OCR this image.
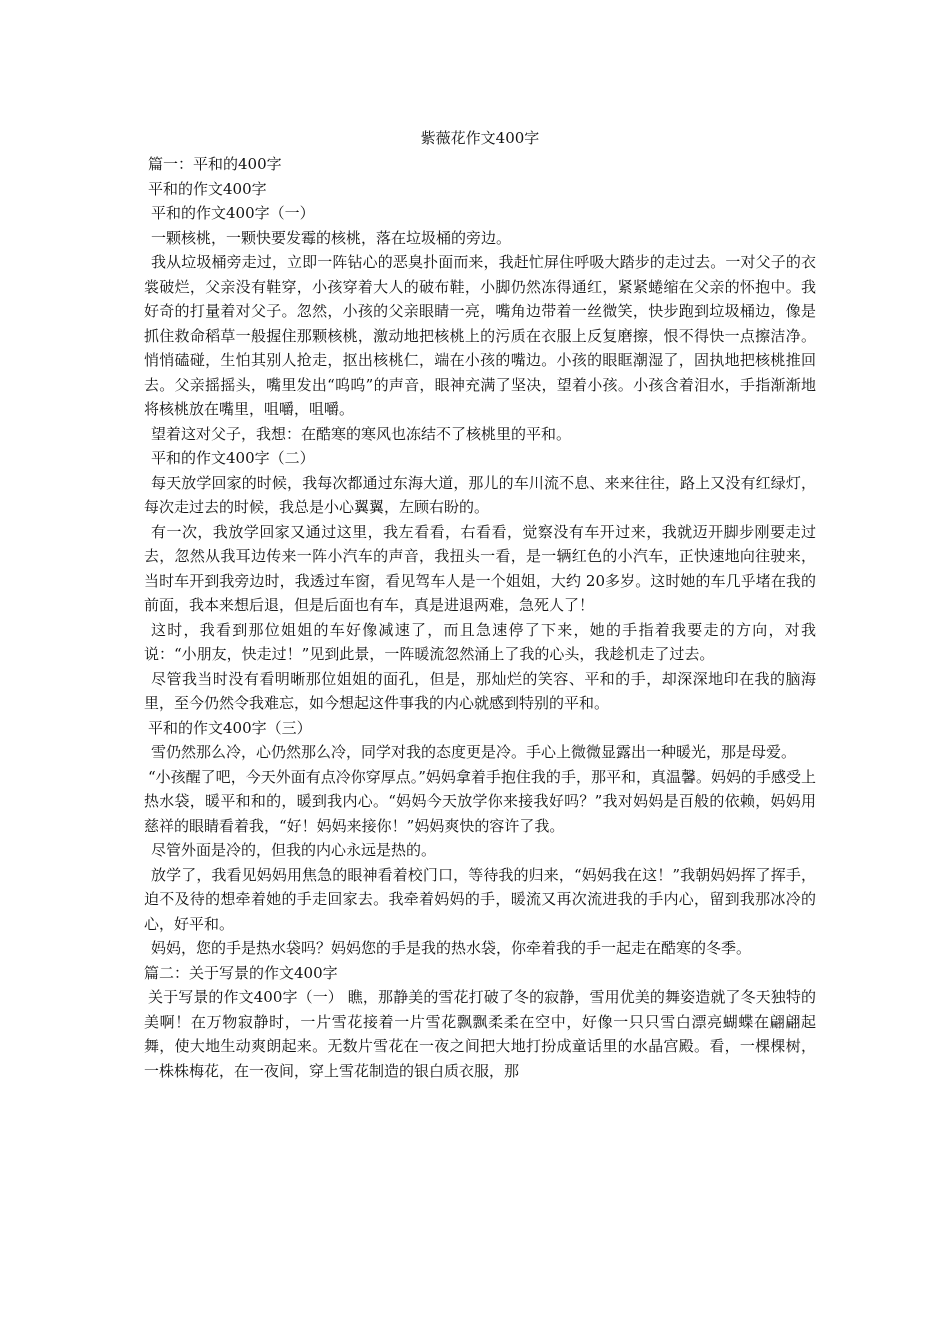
紫薇花作文400字

篇一：平和的400字

平和的作文400字

平和的作文400字（一）

一颗核桃，一颗快要发霉的核桃，落在垃圾桶的旁边。

我从垃圾桶旁走过，立即一阵钻心的恶臭扑面而来，我赶忙屏住呼吸大踏步的走过去。一对父子的衣裳破烂，父亲没有鞋穿，小孩穿着大人的破布鞋，小脚仍然冻得通红，紧紧蜷缩在父亲的怀抱中。我好奇的打量着对父子。忽然，小孩的父亲眼睛一亮，嘴角边带着一丝微笑，快步跑到垃圾桶边，像是抓住救命稻草一般握住那颗核桃，激动地把核桃上的污质在衣服上反复磨擦，恨不得快一点擦洁净。悄悄磕碰，生怕其别人抢走，抠出核桃仁，端在小孩的嘴边。小孩的眼眶潮湿了，固执地把核桃推回去。父亲摇摇头，嘴里发出“呜呜”的声音，眼神充满了坚决，望着小孩。小孩含着泪水，手指渐渐地将核桃放在嘴里，咀嚼，咀嚼。

望着这对父子，我想：在酷寒的寒风也冻结不了核桃里的平和。

平和的作文400字（二）

每天放学回家的时候，我每次都通过东海大道，那儿的车川流不息、来来往往，路上又没有红绿灯，每次走过去的时候，我总是小心翼翼，左顾右盼的。

有一次，我放学回家又通过这里，我左看看，右看看，觉察没有车开过来，我就迈开脚步刚要走过去，忽然从我耳边传来一阵小汽车的声音，我扭头一看，是一辆红色的小汽车，正快速地向往驶来，当时车开到我旁边时，我透过车窗，看见驾车人是一个姐姐，大约 20多岁。这时她的车几乎堵在我的前面，我本来想后退，但是后面也有车，真是进退两难，急死人了！

这时，我看到那位姐姐的车好像减速了，而且急速停了下来，她的手指着我要走的方向，对我说：“小朋友，快走过！”见到此景，一阵暖流忽然涌上了我的心头，我趁机走了过去。

尽管我当时没有看明晰那位姐姐的面孔，但是，那灿烂的笑容、平和的手，却深深地印在我的脑海里，至今仍然令我难忘，如今想起这件事我的内心就感到特别的平和。

平和的作文400字（三）

雪仍然那么冷，心仍然那么冷，同学对我的态度更是冷。手心上微微显露出一种暖光，那是母爱。

“小孩醒了吧，今天外面有点冷你穿厚点。”妈妈拿着手抱住我的手，那平和，真温馨。妈妈的手感受上热水袋，暖平和和的，暖到我内心。“妈妈今天放学你来接我好吗？”我对妈妈是百般的依赖，妈妈用慈祥的眼睛看着我，“好！妈妈来接你！”妈妈爽快的容许了我。

尽管外面是冷的，但我的内心永远是热的。

放学了，我看见妈妈用焦急的眼神看着校门口，等待我的归来，“妈妈我在这！”我朝妈妈挥了挥手，迫不及待的想牵着她的手走回家去。我牵着妈妈的手，暖流又再次流进我的手内心，留到我那冰冷的心，好平和。

妈妈，您的手是热水袋吗？妈妈您的手是我的热水袋，你牵着我的手一起走在酷寒的冬季。

篇二：关于写景的作文400字

关于写景的作文400字（一） 瞧，那静美的雪花打破了冬的寂静，雪用优美的舞姿造就了冬天独特的美啊！在万物寂静时，一片雪花接着一片雪花飘飘柔柔在空中，好像一只只雪白漂亮蝴蝶在翩翩起舞，使大地生动爽朗起来。无数片雪花在一夜之间把大地打扮成童话里的水晶宫殿。看，一棵棵树，一株株梅花，在一夜间，穿上雪花制造的银白质衣服，那
